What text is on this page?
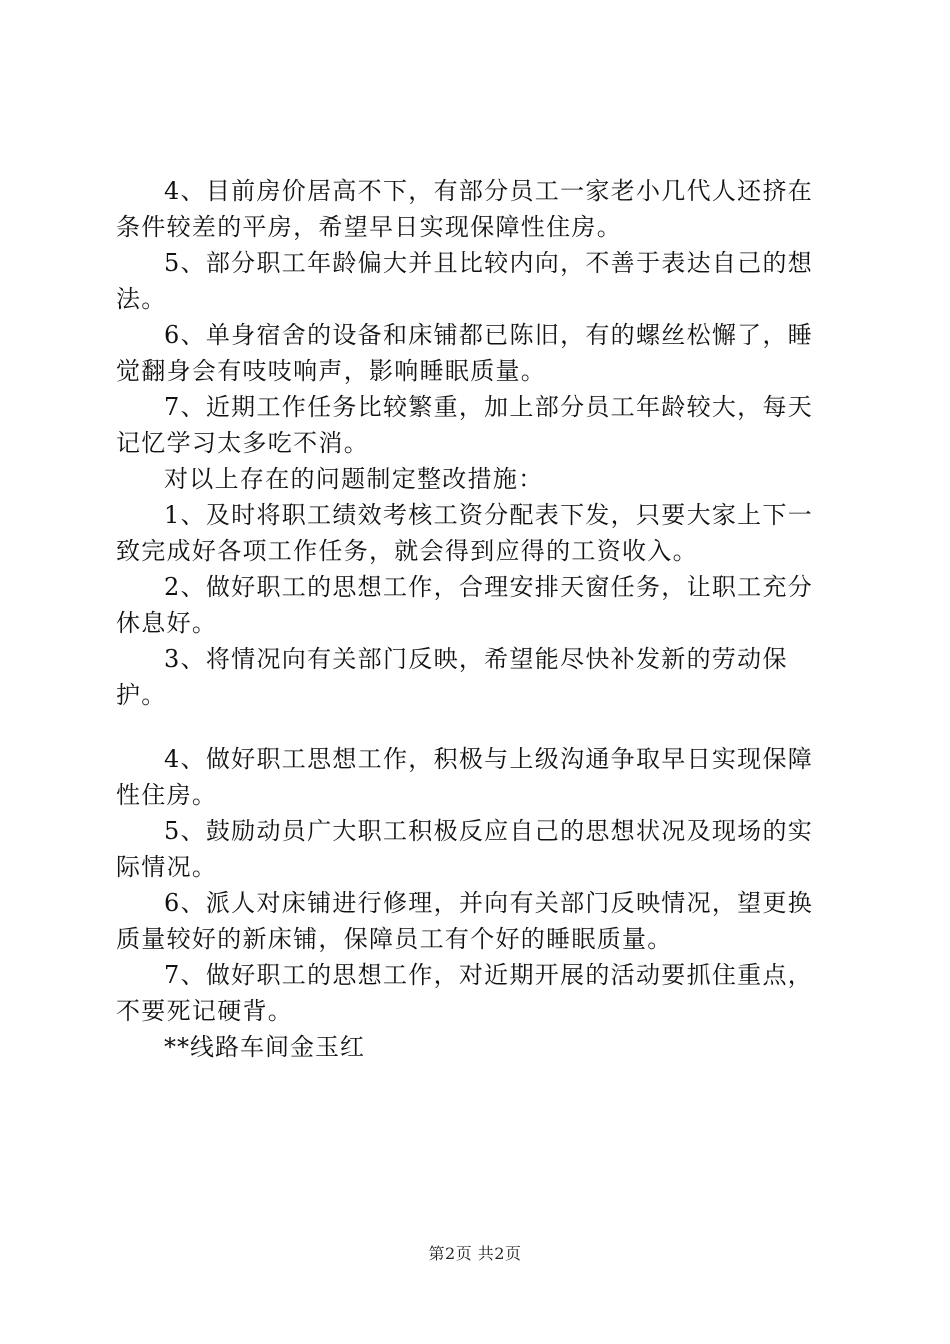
4、目前房价居高不下，有部分员工一家老小几代人还挤在条件较差的平房，希望早日实现保障性住房。

5、部分职工年龄偏大并且比较内向，不善于表达自己的想法。

6、单身宿舍的设备和床铺都已陈旧，有的螺丝松懈了，睡觉翻身会有吱吱响声，影响睡眠质量。

7、近期工作任务比较繁重，加上部分员工年龄较大，每天记忆学习太多吃不消。

对以上存在的问题制定整改措施：

1、及时将职工绩效考核工资分配表下发，只要大家上下一致完成好各项工作任务，就会得到应得的工资收入。

2、做好职工的思想工作，合理安排天窗任务，让职工充分休息好。

3、将情况向有关部门反映，希望能尽快补发新的劳动保护。

4、做好职工思想工作，积极与上级沟通争取早日实现保障性住房。

5、鼓励动员广大职工积极反应自己的思想状况及现场的实际情况。

6、派人对床铺进行修理，并向有关部门反映情况，望更换质量较好的新床铺，保障员工有个好的睡眠质量。

7、做好职工的思想工作，对近期开展的活动要抓住重点，不要死记硬背。

**线路车间金玉红

第2页 共2页
